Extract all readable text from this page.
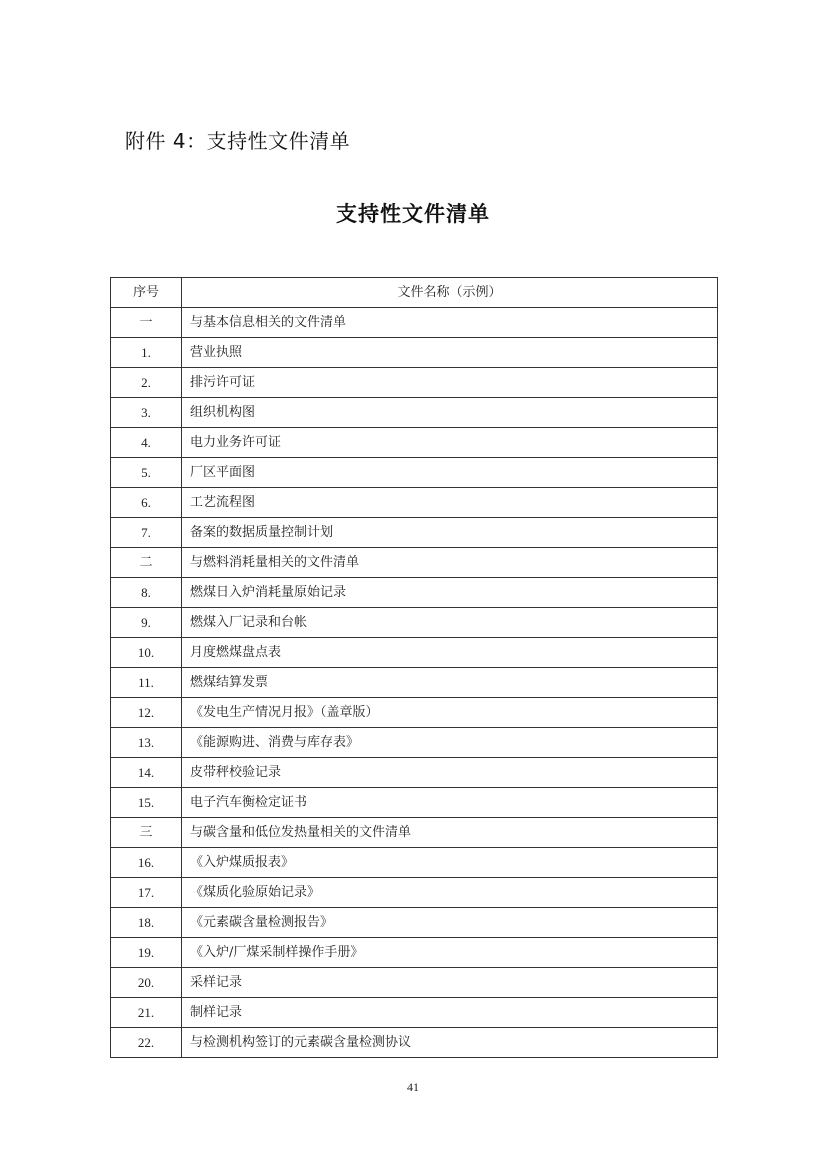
附件 4：支持性文件清单
支持性文件清单
序号	文件名称（示例）
一	与基本信息相关的文件清单
1.	营业执照
2.	排污许可证
3.	组织机构图
4.	电力业务许可证
5.	厂区平面图
6.	工艺流程图
7.	备案的数据质量控制计划
二	与燃料消耗量相关的文件清单
8.	燃煤日入炉消耗量原始记录
9.	燃煤入厂记录和台帐
10.	月度燃煤盘点表
11.	燃煤结算发票
12.	《发电生产情况月报》（盖章版）
13.	《能源购进、消费与库存表》
14.	皮带秤校验记录
15.	电子汽车衡检定证书
三	与碳含量和低位发热量相关的文件清单
16.	《入炉煤质报表》
17.	《煤质化验原始记录》
18.	《元素碳含量检测报告》
19.	《入炉/厂煤采制样操作手册》
20.	采样记录
21.	制样记录
22.	与检测机构签订的元素碳含量检测协议
41
